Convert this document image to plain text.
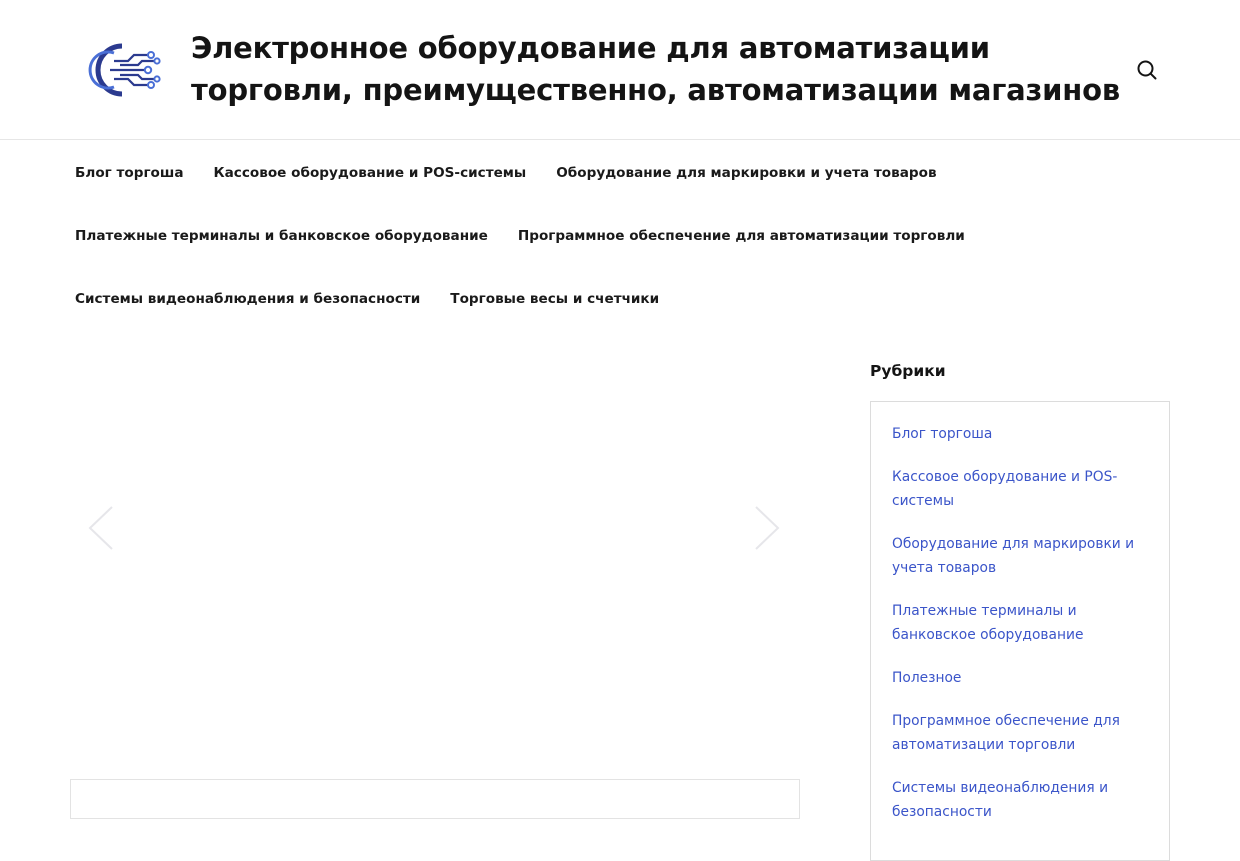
Электронное оборудование для автоматизации торговли, преимущественно, автоматизации магазинов
Блог торгоша Кассовое оборудование и POS-системы Оборудование для маркировки и учета товаров
Платежные терминалы и банковское оборудование Программное обеспечение для автоматизации торговли
Системы видеонаблюдения и безопасности Торговые весы и счетчики
Рубрики
Блог торгоша
Кассовое оборудование и POS-системы
Оборудование для маркировки и учета товаров
Платежные терминалы и банковское оборудование
Полезное
Программное обеспечение для автоматизации торговли
Системы видеонаблюдения и безопасности
